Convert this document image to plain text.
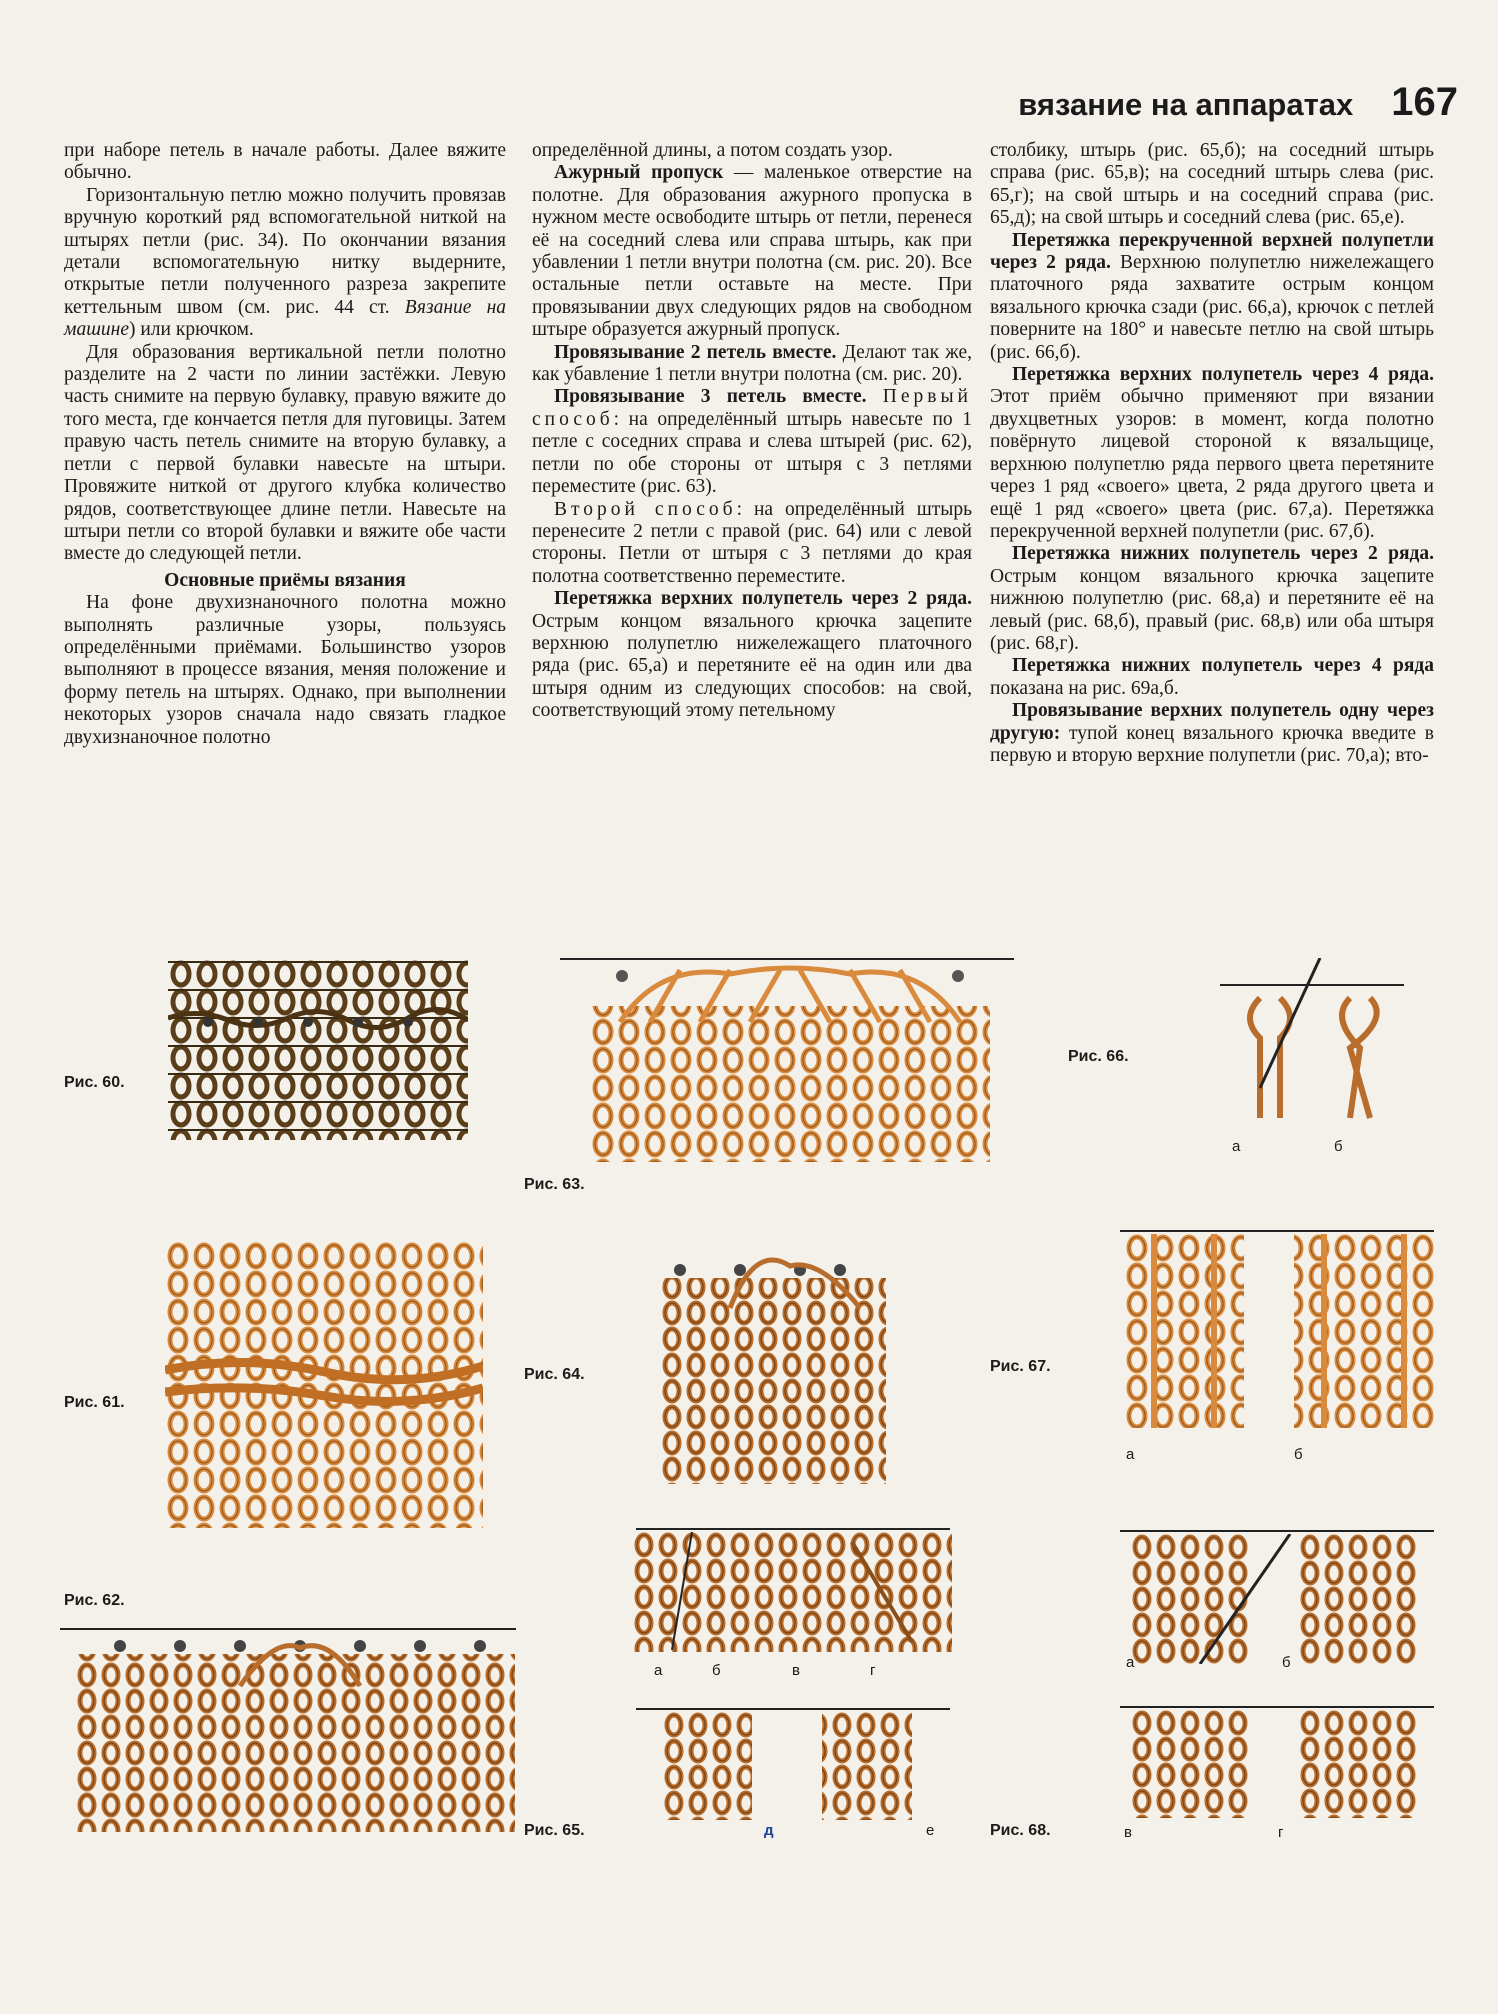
вязание на аппаратах 167

при наборе петель в начале работы. Далее вяжите обычно.

Горизонтальную петлю можно получить провязав вручную короткий ряд вспомогательной ниткой на штырях петли (рис. 34). По окончании вязания детали вспомогательную нитку выдерните, открытые петли полученного разреза закрепите кеттельным швом (см. рис. 44 ст. Вязание на машине) или крючком.

Для образования вертикальной петли полотно разделите на 2 части по линии застёжки. Левую часть снимите на первую булавку, правую вяжите до того места, где кончается петля для пуговицы. Затем правую часть петель снимите на вторую булавку, а петли с первой булавки навесьте на штыри. Провяжите ниткой от другого клубка количество рядов, соответствующее длине петли. Навесьте на штыри петли со второй булавки и вяжите обе части вместе до следующей петли.

Основные приёмы вязания

На фоне двухизнаночного полотна можно выполнять различные узоры, пользуясь определёнными приёмами. Большинство узоров выполняют в процессе вязания, меняя положение и форму петель на штырях. Однако, при выполнении некоторых узоров сначала надо связать гладкое двухизнаночное полотно

определённой длины, а потом создать узор.

Ажурный пропуск — маленькое отверстие на полотне. Для образования ажурного пропуска в нужном месте освободите штырь от петли, перенеся её на соседний слева или справа штырь, как при убавлении 1 петли внутри полотна (см. рис. 20). Все остальные петли оставьте на месте. При провязывании двух следующих рядов на свободном штыре образуется ажурный пропуск.

Провязывание 2 петель вместе. Делают так же, как убавление 1 петли внутри полотна (см. рис. 20).

Провязывание 3 петель вместе. Первый способ: на определённый штырь навесьте по 1 петле с соседних справа и слева штырей (рис. 62), петли по обе стороны от штыря с 3 петлями переместите (рис. 63).

Второй способ: на определённый штырь перенесите 2 петли с правой (рис. 64) или с левой стороны. Петли от штыря с 3 петлями до края полотна соответственно переместите.

Перетяжка верхних полупетель через 2 ряда. Острым концом вязального крючка зацепите верхнюю полупетлю нижележащего платочного ряда (рис. 65,а) и перетяните её на один или два штыря одним из следующих способов: на свой, соответствующий этому петельному

столбику, штырь (рис. 65,б); на соседний штырь справа (рис. 65,в); на соседний штырь слева (рис. 65,г); на свой штырь и на соседний справа (рис. 65,д); на свой штырь и соседний слева (рис. 65,е).

Перетяжка перекрученной верхней полупетли через 2 ряда. Верхнюю полупетлю нижележащего платочного ряда захватите острым концом вязального крючка сзади (рис. 66,а), крючок с петлей поверните на 180° и навесьте петлю на свой штырь (рис. 66,б).

Перетяжка верхних полупетель через 4 ряда. Этот приём обычно применяют при вязании двухцветных узоров: в момент, когда полотно повёрнуто лицевой стороной к вязальщице, верхнюю полупетлю ряда первого цвета перетяните через 1 ряд «своего» цвета, 2 ряда другого цвета и ещё 1 ряд «своего» цвета (рис. 67,а). Перетяжка перекрученной верхней полупетли (рис. 67,б).

Перетяжка нижних полупетель через 2 ряда. Острым концом вязального крючка зацепите нижнюю полупетлю (рис. 68,а) и перетяните её на левый (рис. 68,б), правый (рис. 68,в) или оба штыря (рис. 68,г).

Перетяжка нижних полупетель через 4 ряда показана на рис. 69а,б.

Провязывание верхних полупетель одну через другую: тупой конец вязального крючка введите в первую и вторую верхние полупетли (рис. 70,а); вто-

Рис. 60.
Рис. 61.
Рис. 62.
Рис. 63.
Рис. 64.
а	б	в	г
Рис. 65.	д	е
Рис. 66.
а	б
Рис. 67.
а	б
а	б
Рис. 68.	в	г
